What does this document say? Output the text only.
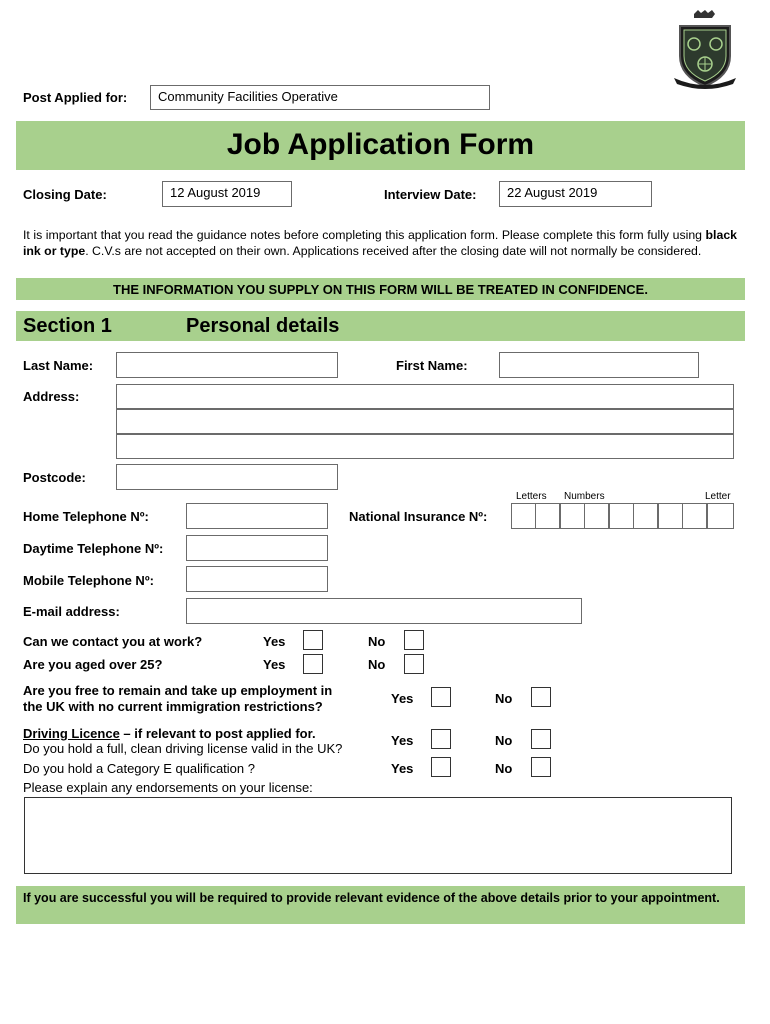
Post Applied for:	Community Facilities Operative
Job Application Form
Closing Date:	12 August 2019	Interview Date:	22 August 2019
It is important that you read the guidance notes before completing this application form. Please complete this form fully using black ink or type. C.V.s are not accepted on their own. Applications received after the closing date will not normally be considered.
THE INFORMATION YOU SUPPLY ON THIS FORM WILL BE TREATED IN CONFIDENCE.
Section 1	Personal details
Last Name:	First Name:
Address:
Postcode:
Letters Numbers	Letter
Home Telephone Nº:	National Insurance Nº:
Daytime Telephone Nº:
Mobile Telephone Nº:
E-mail address:
Can we contact you at work?	Yes	No
Are you aged over 25?	Yes	No
Are you free to remain and take up employment in
the UK with no current immigration restrictions?
Yes	No
Driving Licence – if relevant to post applied for.
Do you hold a full, clean driving license valid in the UK?
Yes	No
Do you hold a Category E qualification ?	Yes	No
Please explain any endorsements on your license:
If you are successful you will be required to provide relevant evidence of the above details prior to your appointment.
